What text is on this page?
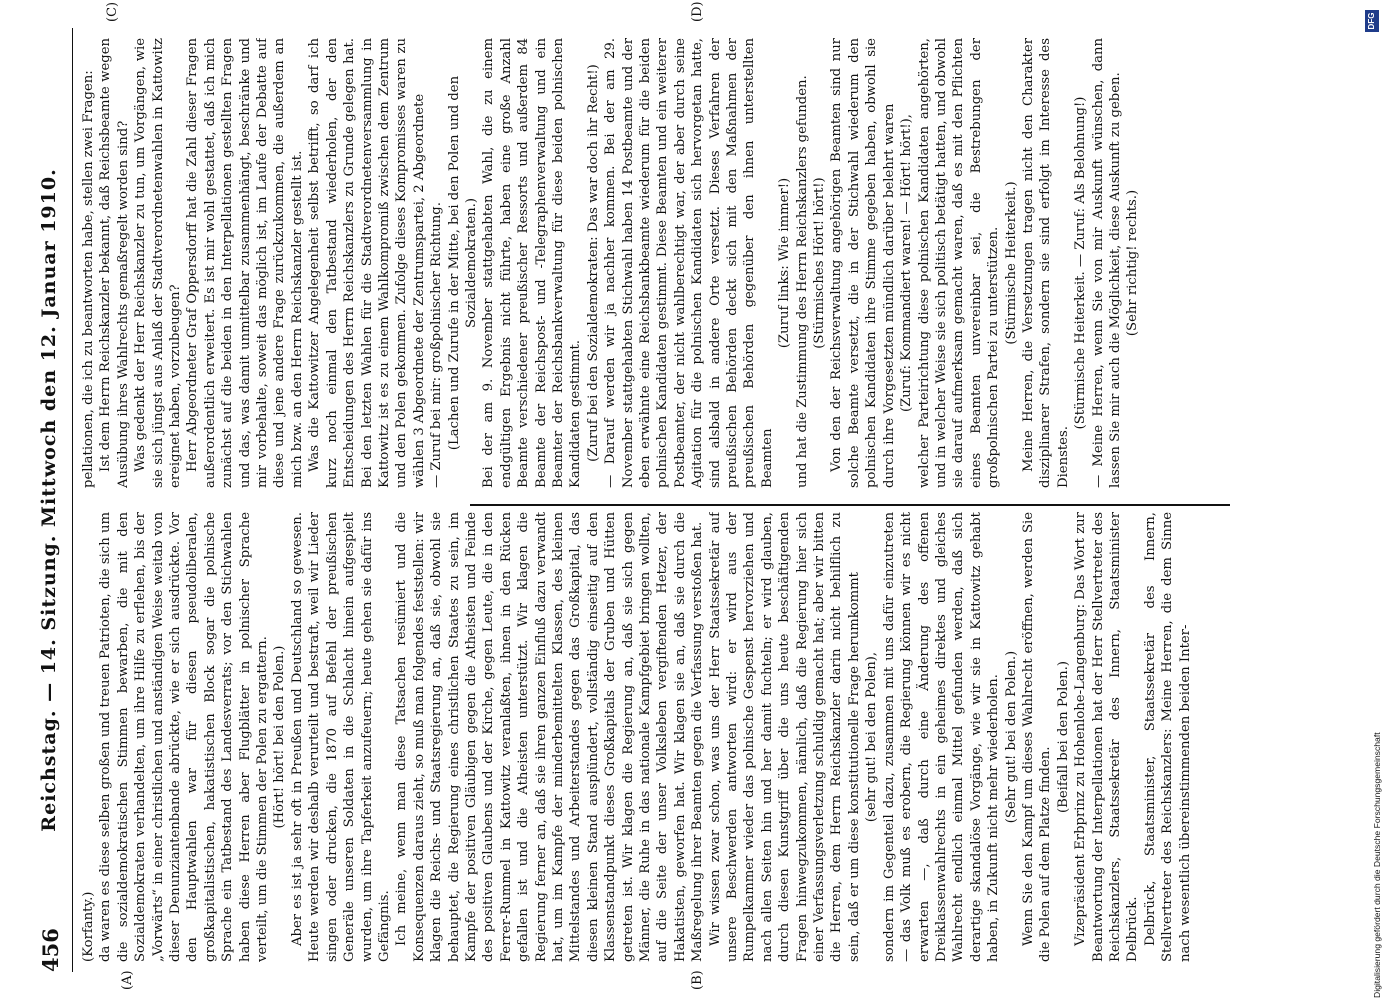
456
Reichstag. — 14. Sitzung. Mittwoch den 12. Januar 1910.
(A)	(B)
(C)	(D)

(Korfanty.) da waren es diese selben großen und treuen Patrioten, die sich um die sozialdemokratischen Stimmen bewarben, die mit den Sozialdemokraten verhandelten, um ihre Hilfe zu erflehen, bis der „Vorwärts“ in einer christlichen und anständigen Weise weitab von dieser Denunziantenbande abrückte, wie er sich ausdrückte. Vor den Hauptwahlen war für diesen pseudoliberalen, großkapitalistischen, hakatistischen Block sogar die polnische Sprache ein Tatbestand des Landesverrats; vor den Stichwahlen haben diese Herren aber Flugblätter in polnischer Sprache verteilt, um die Stimmen der Polen zu ergattern. (Hört! hört! bei den Polen.) Aber es ist ja sehr oft in Preußen und Deutschland so gewesen. Heute werden wir deshalb verurteilt und bestraft, weil wir Lieder singen oder drucken, die 1870 auf Befehl der preußischen Generäle unseren Soldaten in die Schlacht hinein aufgespielt wurden, um ihre Tapferkeit anzufeuern; heute gehen sie dafür ins Gefängnis. Ich meine, wenn man diese Tatsachen resümiert und die Konsequenzen daraus zieht, so muß man folgendes feststellen: wir klagen die Reichs- und Staatsregierung an, daß sie, obwohl sie behauptet, die Regierung eines christlichen Staates zu sein, im Kampfe der positiven Gläubigen gegen die Atheisten und Feinde des positiven Glaubens und der Kirche, gegen Leute, die in den Ferrer-Rummel in Kattowitz veranlaßten, ihnen in den Rücken gefallen ist und die Atheisten unterstützt. Wir klagen die Regierung ferner an, daß sie ihren ganzen Einfluß dazu verwandt hat, um im Kampfe der minderbemittelten Klassen, des kleinen Mittelstandes und Arbeiterstandes gegen das Großkapital, das diesen kleinen Stand ausplündert, vollständig einseitig auf den Klassenstandpunkt dieses Großkapitals der Gruben und Hütten getreten ist. Wir klagen die Regierung an, daß sie sich gegen Männer, die Ruhe in das nationale Kampfgebiet bringen wollten, auf die Seite der unser Volksleben vergiftenden Hetzer, der Hakatisten, geworfen hat. Wir klagen sie an, daß sie durch die Maßregelung ihrer Beamten gegen die Verfassung verstoßen hat. Wir wissen zwar schon, was uns der Herr Staatssekretär auf unsere Beschwerden antworten wird: er wird aus der Rumpelkammer wieder das polnische Gespenst hervorziehen und nach allen Seiten hin und her damit fuchteln; er wird glauben, durch diesen Kunstgriff über die uns heute beschäftigenden Fragen hinwegzukommen, nämlich, daß die Regierung hier sich einer Verfassungsverletzung schuldig gemacht hat; aber wir bitten die Herren, dem Herrn Reichskanzler darin nicht behilflich zu sein, daß er um diese konstitutionelle Frage herumkommt (sehr gut! bei den Polen), sondern im Gegenteil dazu, zusammen mit uns dafür einzutreten — das Volk muß es erobern, die Regierung können wir es nicht erwarten —, daß durch eine Änderung des offenen Dreiklassenwahlrechts in ein geheimes direktes und gleiches Wahlrecht endlich einmal Mittel gefunden werden, daß sich derartige skandalöse Vorgänge, wie wir sie in Kattowitz gehabt haben, in Zukunft nicht mehr wiederholen. (Sehr gut! bei den Polen.) Wenn Sie den Kampf um dieses Wahlrecht eröffnen, werden Sie die Polen auf dem Platze finden.

(Beifall bei den Polen.) Vizepräsident Erbprinz zu Hohenlohe-Langenburg: Das Wort zur Beantwortung der Interpellationen hat der Herr Stellvertreter des Reichskanzlers, Staatssekretär des Innern, Staatsminister Delbrück. Delbrück, Staatsminister, Staatssekretär des Innern, Stellvertreter des Reichskanzlers: Meine Herren, die dem Sinne nach wesentlich übereinstimmenden beiden Inter-

pellationen, die ich zu beantworten habe, stellen zwei Fragen: Ist dem Herrn Reichskanzler bekannt, daß Reichsbeamte wegen Ausübung ihres Wahlrechts gemaßregelt worden sind? Was gedenkt der Herr Reichskanzler zu tun, um Vorgängen, wie sie sich jüngst aus Anlaß der Stadtverordnetenwahlen in Kattowitz ereignet haben, vorzubeugen? Herr Abgeordneter Graf Oppersdorff hat die Zahl dieser Fragen außerordentlich erweitert. Es ist mir wohl gestattet, daß ich mich zunächst auf die beiden in den Interpellationen gestellten Fragen und das, was damit unmittelbar zusammenhängt, beschränke und mir vorbehalte, soweit das möglich ist, im Laufe der Debatte auf diese und jene andere Frage zurückzukommen, die außerdem an mich bzw. an den Herrn Reichskanzler gestellt ist. Was die Kattowitzer Angelegenheit selbst betrifft, so darf ich kurz noch einmal den Tatbestand wiederholen, der den Entscheidungen des Herrn Reichskanzlers zu Grunde gelegen hat. Bei den letzten Wahlen für die Stadtverordnetenversammlung in Kattowitz ist es zu einem Wahlkompromiß zwischen dem Zentrum und den Polen gekommen. Zufolge dieses Kompromisses waren zu wählen 3 Abgeordnete der Zentrumspartei, 2 Abgeordnete — Zuruf bei mir: großpolnischer Richtung. (Lachen und Zurufe in der Mitte, bei den Polen und den Sozialdemokraten.) Bei der am 9. November stattgehabten Wahl, die zu einem endgültigen Ergebnis nicht führte, haben eine große Anzahl Beamte verschiedener preußischer Ressorts und außerdem 84 Beamte der Reichspost- und -Telegraphenverwaltung und ein Beamter der Reichsbankverwaltung für diese beiden polnischen Kandidaten gestimmt. (Zuruf bei den Sozialdemokraten: Das war doch ihr Recht!) — Darauf werden wir ja nachher kommen. Bei der am 29. November stattgehabten Stichwahl haben 14 Postbeamte und der eben erwähnte eine Reichsbankbeamte wiederum für die beiden polnischen Kandidaten gestimmt. Diese Beamten und ein weiterer Postbeamter, der nicht wahlberechtigt war, der aber durch seine Agitation für die polnischen Kandidaten sich hervorgetan hatte, sind alsbald in andere Orte versetzt. Dieses Verfahren der preußischen Behörden deckt sich mit den Maßnahmen der preußischen Behörden gegenüber den ihnen unterstellten Beamten

(Zuruf links: Wie immer!) und hat die Zustimmung des Herrn Reichskanzlers gefunden. (Stürmisches Hört! hört!) Von den der Reichsverwaltung angehörigen Beamten sind nur solche Beamte versetzt, die in der Stichwahl wiederum den polnischen Kandidaten ihre Stimme gegeben haben, obwohl sie durch ihre Vorgesetzten mündlich darüber belehrt waren (Zuruf: Kommandiert waren! — Hört! hört!), welcher Parteirichtung diese polnischen Kandidaten angehörten, und in welcher Weise sie sich politisch betätigt hatten, und obwohl sie darauf aufmerksam gemacht waren, daß es mit den Pflichten eines Beamten unvereinbar sei, die Bestrebungen der großpolnischen Partei zu unterstützen. (Stürmische Heiterkeit.) Meine Herren, die Versetzungen tragen nicht den Charakter disziplinarer Strafen, sondern sie sind erfolgt im Interesse des Dienstes.

(Stürmische Heiterkeit. — Zuruf: Als Belohnung!) — Meine Herren, wenn Sie von mir Auskunft wünschen, dann lassen Sie mir auch die Möglichkeit, diese Auskunft zu geben. (Sehr richtig! rechts.)

Digitalisierung gefördert durch die Deutsche Forschungsgemeinschaft
DFG
